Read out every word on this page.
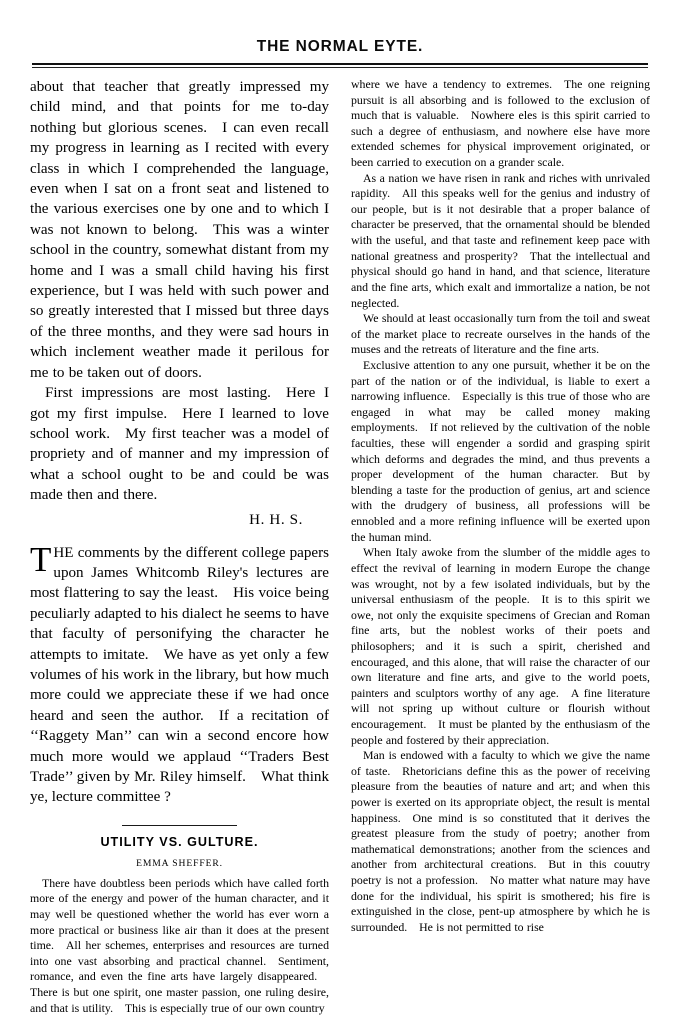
THE NORMAL EYTE.

about that teacher that greatly impressed my child mind, and that points for me to-day nothing but glorious scenes. I can even recall my progress in learning as I recited with every class in which I comprehended the language, even when I sat on a front seat and listened to the various exercises one by one and to which I was not known to belong. This was a winter school in the country, somewhat distant from my home and I was a small child having his first experience, but I was held with such power and so greatly interested that I missed but three days of the three months, and they were sad hours in which inclement weather made it perilous for me to be taken out of doors.

First impressions are most lasting. Here I got my first impulse. Here I learned to love school work. My first teacher was a model of propriety and of manner and my impression of what a school ought to be and could be was made then and there.

H. H. S.
T HE comments by the different college papers upon James Whitcomb Riley's lectures are most flattering to say the least. His voice being peculiarly adapted to his dialect he seems to have that faculty of personifying the character he attempts to imitate. We have as yet only a few volumes of his work in the library, but how much more could we appreciate these if we had once heard and seen the author. If a recitation of ‘‘Raggety Man’’ can win a second encore how much more would we applaud ‘‘Traders Best Trade’’ given by Mr. Riley himself. What think ye, lecture committee ?
UTILITY VS. GULTURE.
EMMA SHEFFER.

There have doubtless been periods which have called forth more of the energy and power of the human character, and it may well be questioned whether the world has ever worn a more practical or business like air than it does at the present time. All her schemes, enterprises and resources are turned into one vast absorbing and practical channel. Sentiment, romance, and even the fine arts have largely disappeared. There is but one spirit, one master passion, one ruling desire, and that is utility. This is especially true of our own country

where we have a tendency to extremes. The one reigning pursuit is all absorbing and is followed to the exclusion of much that is valuable. Nowhere eles is this spirit carried to such a degree of enthusiasm, and nowhere else have more extended schemes for physical improvement originated, or been carried to execution on a grander scale.

As a nation we have risen in rank and riches with unrivaled rapidity. All this speaks well for the genius and industry of our people, but is it not desirable that a proper balance of character be preserved, that the ornamental should be blended with the useful, and that taste and refinement keep pace with national greatness and prosperity? That the intellectual and physical should go hand in hand, and that science, literature and the fine arts, which exalt and immortalize a nation, be not neglected.

We should at least occasionally turn from the toil and sweat of the market place to recreate ourselves in the hands of the muses and the retreats of literature and the fine arts.

Exclusive attention to any one pursuit, whether it be on the part of the nation or of the individual, is liable to exert a narrowing influence. Especially is this true of those who are engaged in what may be called money making employments. If not relieved by the cultivation of the noble faculties, these will engender a sordid and grasping spirit which deforms and degrades the mind, and thus prevents a proper development of the human character. But by blending a taste for the production of genius, art and science with the drudgery of business, all professions will be ennobled and a more refining influence will be exerted upon the human mind.

When Italy awoke from the slumber of the middle ages to effect the revival of learning in modern Europe the change was wrought, not by a few isolated individuals, but by the universal enthusiasm of the people. It is to this spirit we owe, not only the exquisite specimens of Grecian and Roman fine arts, but the noblest works of their poets and philosophers; and it is such a spirit, cherished and encouraged, and this alone, that will raise the character of our own literature and fine arts, and give to the world poets, painters and sculptors worthy of any age. A fine literature will not spring up without culture or flourish without encouragement. It must be planted by the enthusiasm of the people and fostered by their appreciation.

Man is endowed with a faculty to which we give the name of taste. Rhetoricians define this as the power of receiving pleasure from the beauties of nature and art; and when this power is exerted on its appropriate object, the result is mental happiness. One mind is so constituted that it derives the greatest pleasure from the study of poetry; another from mathematical demonstrations; another from the sciences and another from architectural creations. But in this couutry poetry is not a profession. No matter what nature may have done for the individual, his spirit is smothered; his fire is extinguished in the close, pent-up atmosphere by which he is surrounded. He is not permitted to rise
